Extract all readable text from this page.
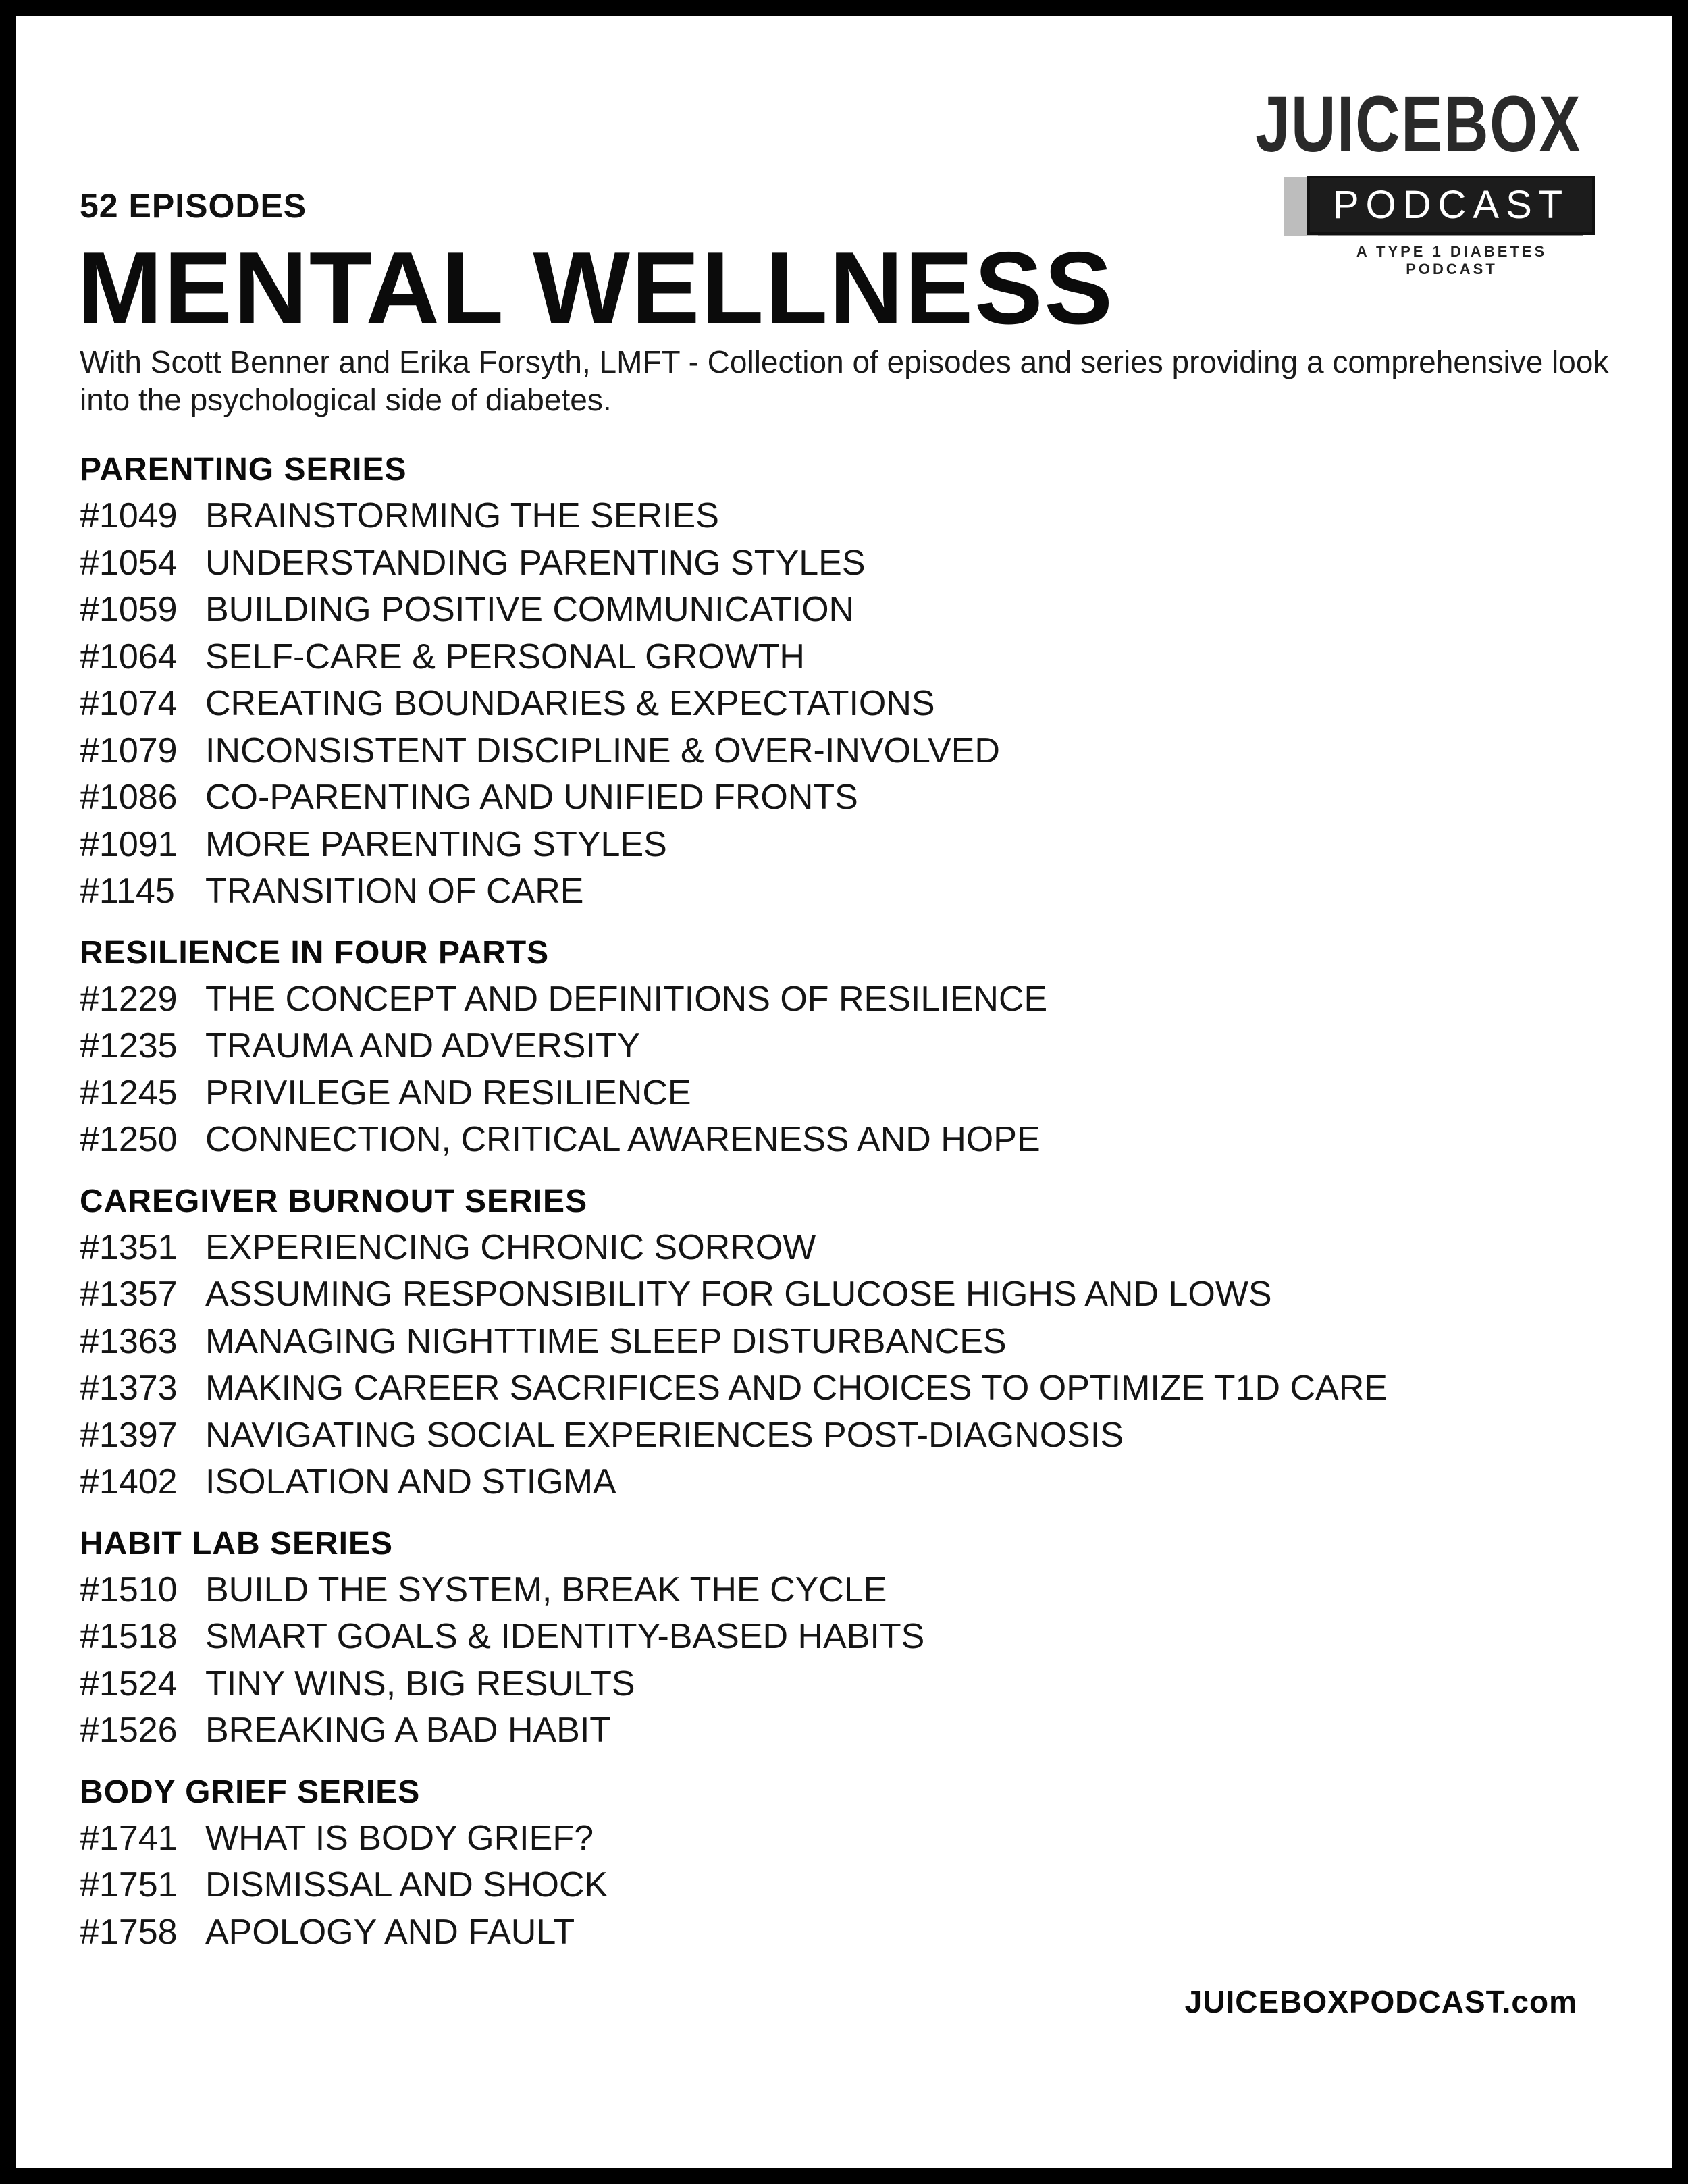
JUICEBOX
PODCAST
A TYPE 1 DIABETES PODCAST
52 EPISODES
MENTAL WELLNESS
With Scott Benner and Erika Forsyth, LMFT - Collection of episodes and series providing a comprehensive look into the psychological side of diabetes.
PARENTING SERIES
#1049 BRAINSTORMING THE SERIES
#1054 UNDERSTANDING PARENTING STYLES
#1059 BUILDING POSITIVE COMMUNICATION
#1064 SELF-CARE & PERSONAL GROWTH
#1074 CREATING BOUNDARIES & EXPECTATIONS
#1079 INCONSISTENT DISCIPLINE & OVER-INVOLVED
#1086 CO-PARENTING AND UNIFIED FRONTS
#1091 MORE PARENTING STYLES
#1145 TRANSITION OF CARE
RESILIENCE IN FOUR PARTS
#1229 THE CONCEPT AND DEFINITIONS OF RESILIENCE
#1235 TRAUMA AND ADVERSITY
#1245 PRIVILEGE AND RESILIENCE
#1250 CONNECTION, CRITICAL AWARENESS AND HOPE
CAREGIVER BURNOUT SERIES
#1351 EXPERIENCING CHRONIC SORROW
#1357 ASSUMING RESPONSIBILITY FOR GLUCOSE HIGHS AND LOWS
#1363 MANAGING NIGHTTIME SLEEP DISTURBANCES
#1373 MAKING CAREER SACRIFICES AND CHOICES TO OPTIMIZE T1D CARE
#1397 NAVIGATING SOCIAL EXPERIENCES POST-DIAGNOSIS
#1402 ISOLATION AND STIGMA
HABIT LAB SERIES
#1510 BUILD THE SYSTEM, BREAK THE CYCLE
#1518 SMART GOALS & IDENTITY-BASED HABITS
#1524 TINY WINS, BIG RESULTS
#1526 BREAKING A BAD HABIT
BODY GRIEF SERIES
#1741 WHAT IS BODY GRIEF?
#1751 DISMISSAL AND SHOCK
#1758 APOLOGY AND FAULT
JUICEBOXPODCAST.com
